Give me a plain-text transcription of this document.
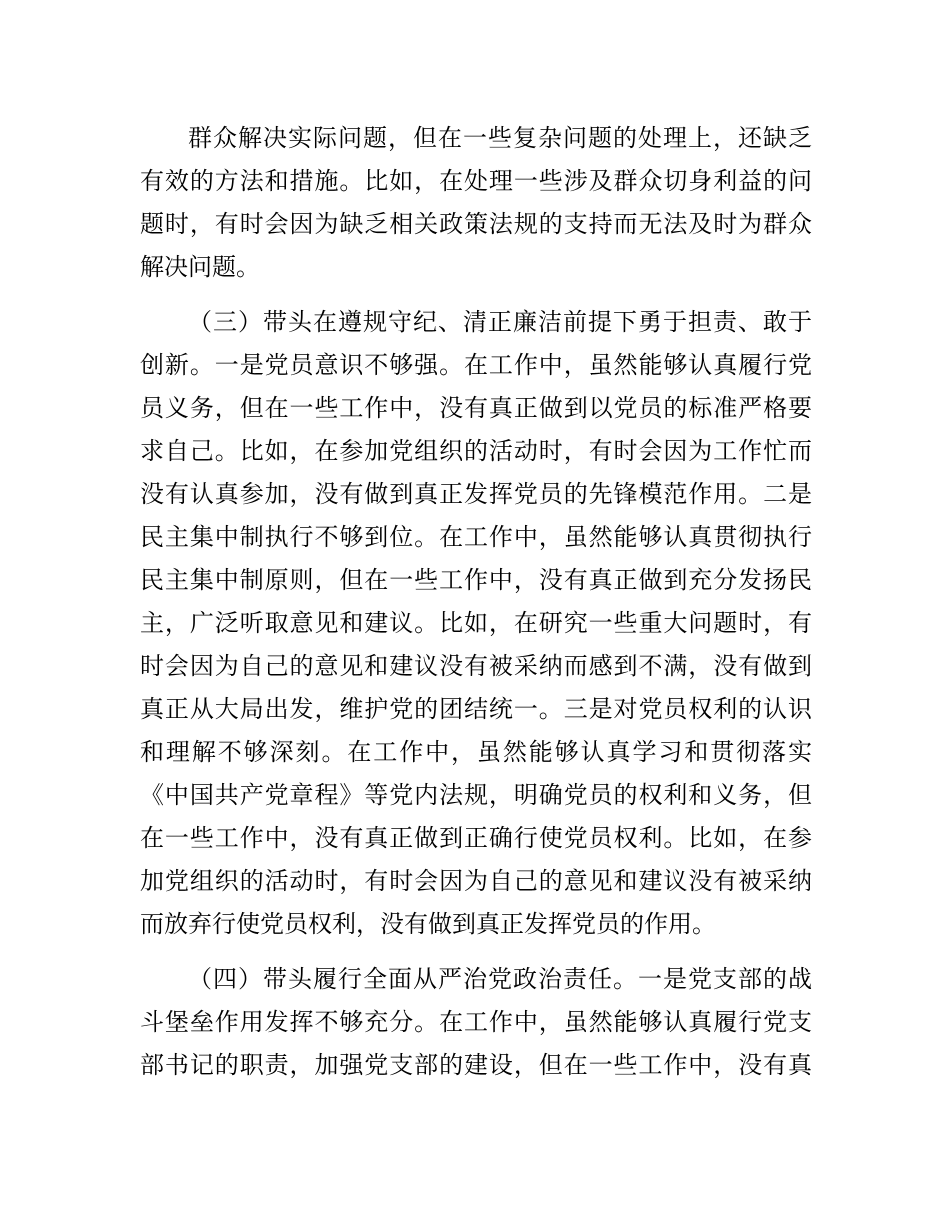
群众解决实际问题，但在一些复杂问题的处理上，还缺乏
有效的方法和措施。比如，在处理一些涉及群众切身利益的问
题时，有时会因为缺乏相关政策法规的支持而无法及时为群众
解决问题。
（三）带头在遵规守纪、清正廉洁前提下勇于担责、敢于
创新。一是党员意识不够强。在工作中，虽然能够认真履行党
员义务，但在一些工作中，没有真正做到以党员的标准严格要
求自己。比如，在参加党组织的活动时，有时会因为工作忙而
没有认真参加，没有做到真正发挥党员的先锋模范作用。二是
民主集中制执行不够到位。在工作中，虽然能够认真贯彻执行
民主集中制原则，但在一些工作中，没有真正做到充分发扬民
主，广泛听取意见和建议。比如，在研究一些重大问题时，有
时会因为自己的意见和建议没有被采纳而感到不满，没有做到
真正从大局出发，维护党的团结统一。三是对党员权利的认识
和理解不够深刻。在工作中，虽然能够认真学习和贯彻落实
《中国共产党章程》等党内法规，明确党员的权利和义务，但
在一些工作中，没有真正做到正确行使党员权利。比如，在参
加党组织的活动时，有时会因为自己的意见和建议没有被采纳
而放弃行使党员权利，没有做到真正发挥党员的作用。
（四）带头履行全面从严治党政治责任。一是党支部的战
斗堡垒作用发挥不够充分。在工作中，虽然能够认真履行党支
部书记的职责，加强党支部的建设，但在一些工作中，没有真
